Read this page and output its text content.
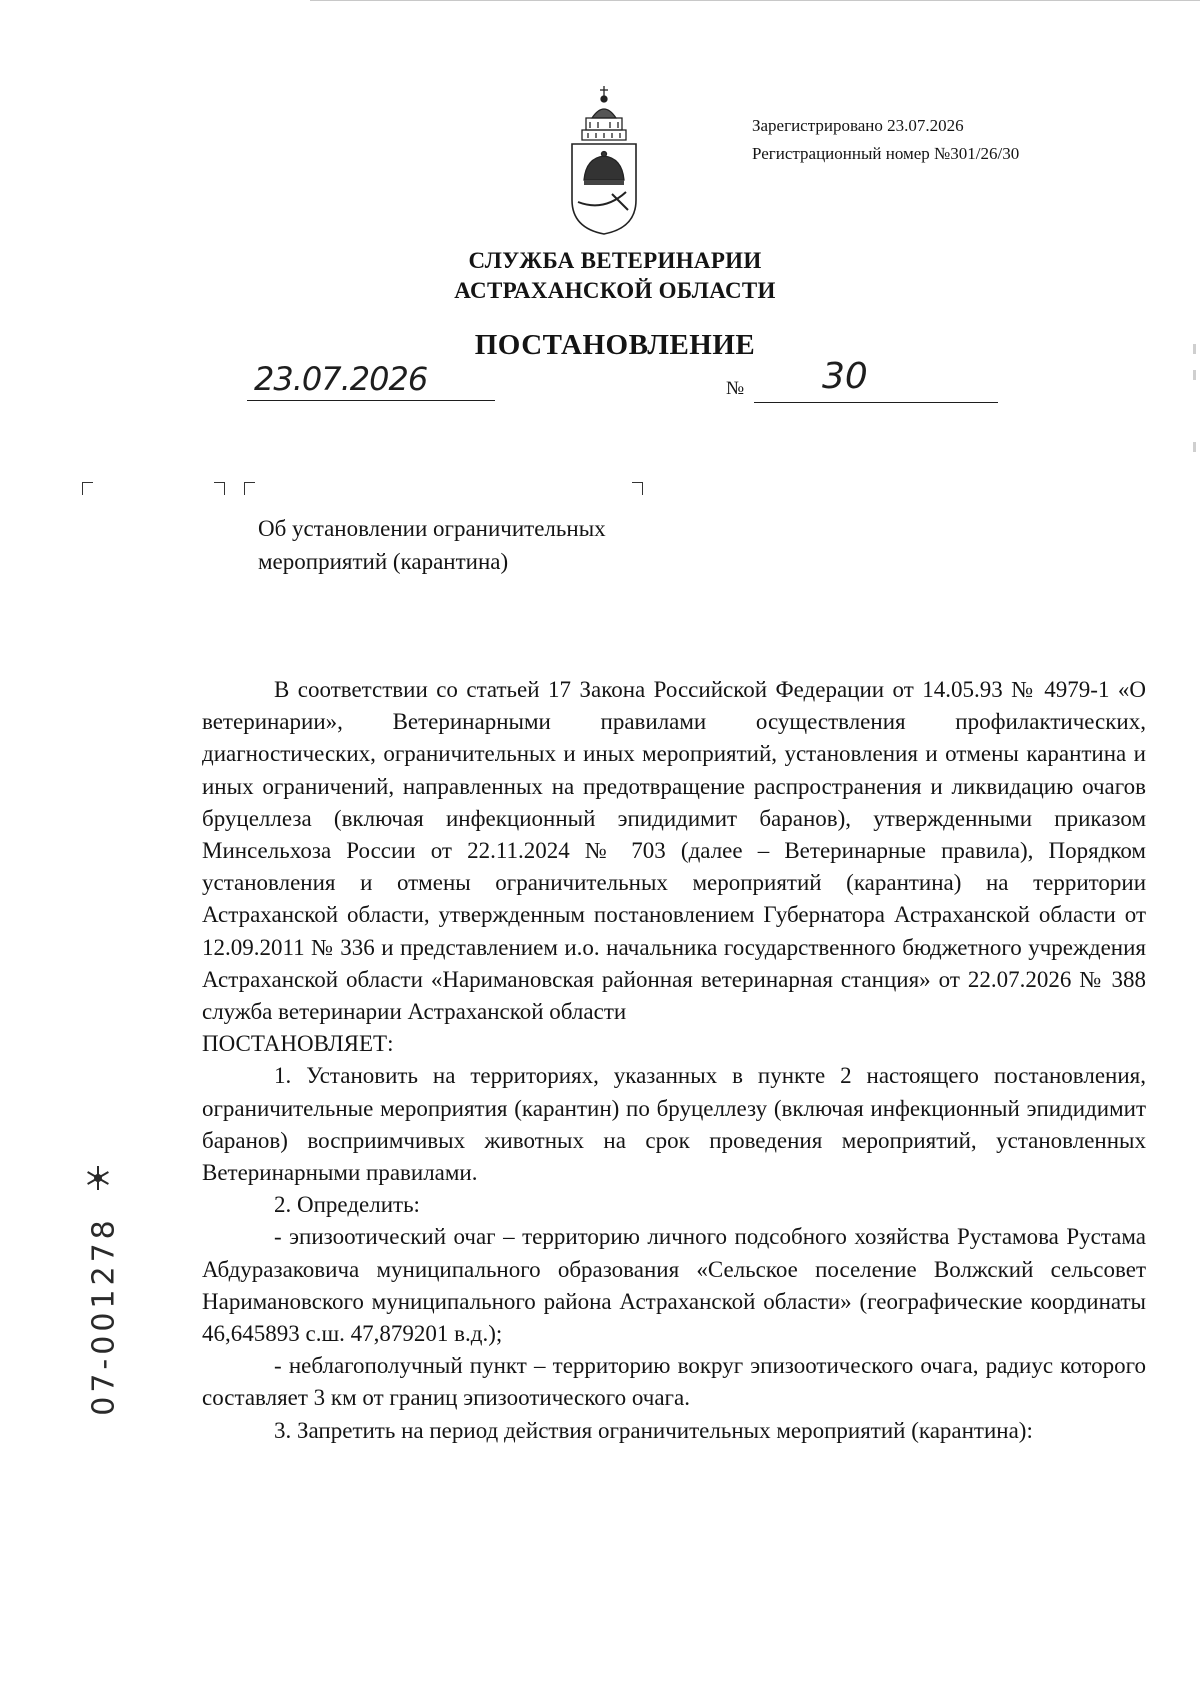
Зарегистрировано 23.07.2026
Регистрационный номер №301/26/30
СЛУЖБА ВЕТЕРИНАРИИ
АСТРАХАНСКОЙ ОБЛАСТИ
ПОСТАНОВЛЕНИЕ
23.07.2026	№ 30
Об установлении ограничительных
мероприятий (карантина)

В соответствии со статьей 17 Закона Российской Федерации от 14.05.93 № 4979-1 «О ветеринарии», Ветеринарными правилами осуществления профилактических, диагностических, ограничительных и иных мероприятий, установления и отмены карантина и иных ограничений, направленных на предотвращение распространения и ликвидацию очагов бруцеллеза (включая инфекционный эпидидимит баранов), утвержденными приказом Минсельхоза России от 22.11.2024 № 703 (далее – Ветеринарные правила), Порядком установления и отмены ограничительных мероприятий (карантина) на территории Астраханской области, утвержденным постановлением Губернатора Астраханской области от 12.09.2011 № 336 и представлением и.о. начальника государственного бюджетного учреждения Астраханской области «Наримановская районная ветеринарная станция» от 22.07.2026 № 388 служба ветеринарии Астраханской области

ПОСТАНОВЛЯЕТ:

1. Установить на территориях, указанных в пункте 2 настоящего постановления, ограничительные мероприятия (карантин) по бруцеллезу (включая инфекционный эпидидимит баранов) восприимчивых животных на срок проведения мероприятий, установленных Ветеринарными правилами.

2. Определить:

- эпизоотический очаг – территорию личного подсобного хозяйства Рустамова Рустама Абдуразаковича муниципального образования «Сельское поселение Волжский сельсовет Наримановского муниципального района Астраханской области» (географические координаты 46,645893 с.ш. 47,879201 в.д.);

- неблагополучный пункт – территорию вокруг эпизоотического очага, радиус которого составляет 3 км от границ эпизоотического очага.

3. Запретить на период действия ограничительных мероприятий (карантина):

07-001278
